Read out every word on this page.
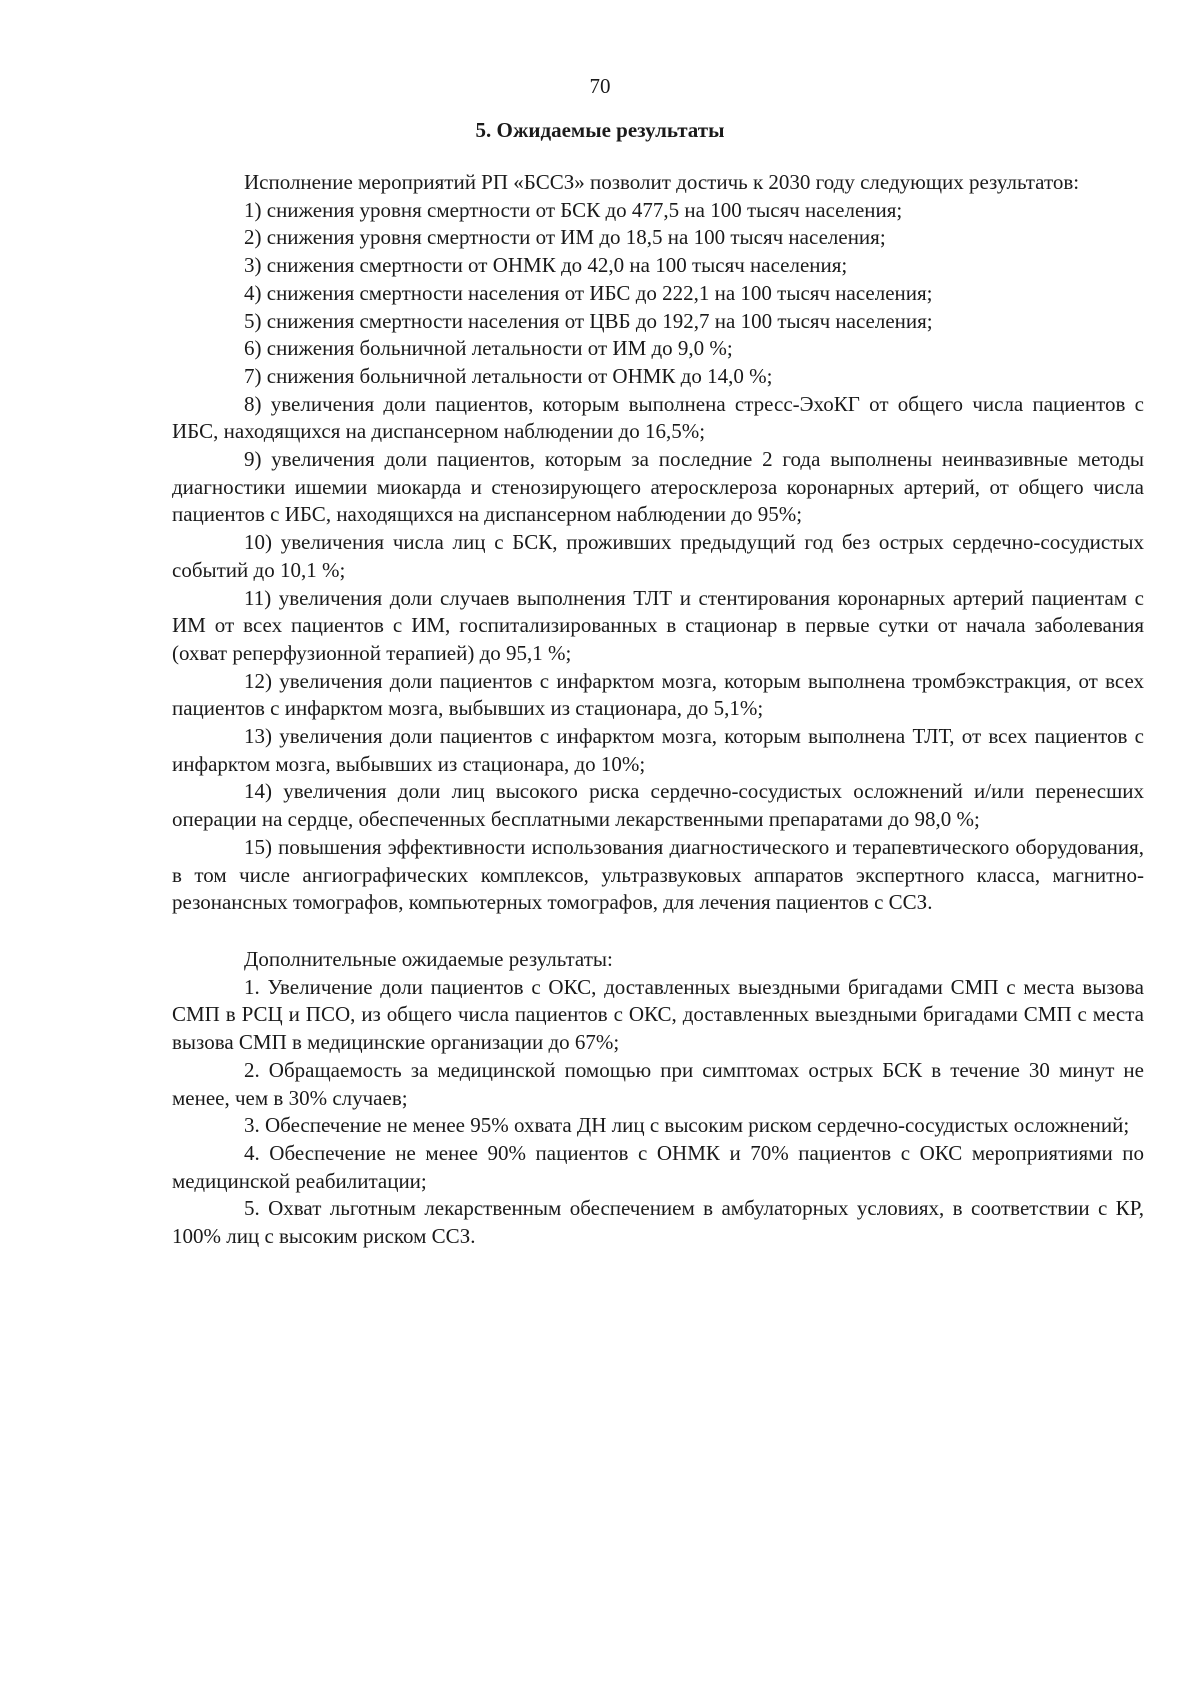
70
5. Ожидаемые результаты

Исполнение мероприятий РП «БССЗ» позволит достичь к 2030 году следующих результатов:

1) снижения уровня смертности от БСК до 477,5 на 100 тысяч населения;

2) снижения уровня смертности от ИМ до 18,5 на 100 тысяч населения;

3) снижения смертности от ОНМК до 42,0 на 100 тысяч населения;

4) снижения смертности населения от ИБС до 222,1 на 100 тысяч населения;

5) снижения смертности населения от ЦВБ до 192,7 на 100 тысяч населения;

6) снижения больничной летальности от ИМ до 9,0 %;

7) снижения больничной летальности от ОНМК до 14,0 %;

8) увеличения доли пациентов, которым выполнена стресс-ЭхоКГ от общего числа пациентов с ИБС, находящихся на диспансерном наблюдении до 16,5%;

9) увеличения доли пациентов, которым за последние 2 года выполнены неинвазивные методы диагностики ишемии миокарда и стенозирующего атеросклероза коронарных артерий, от общего числа пациентов с ИБС, находящихся на диспансерном наблюдении до 95%;

10) увеличения числа лиц с БСК, проживших предыдущий год без острых сердечно-сосудистых событий до 10,1 %;

11) увеличения доли случаев выполнения ТЛТ и стентирования коронарных артерий пациентам с ИМ от всех пациентов с ИМ, госпитализированных в стационар в первые сутки от начала заболевания (охват реперфузионной терапией) до 95,1 %;

12) увеличения доли пациентов с инфарктом мозга, которым выполнена тромбэкстракция, от всех пациентов с инфарктом мозга, выбывших из стационара, до 5,1%;

13) увеличения доли пациентов с инфарктом мозга, которым выполнена ТЛТ, от всех пациентов с инфарктом мозга, выбывших из стационара, до 10%;

14) увеличения доли лиц высокого риска сердечно-сосудистых осложнений и/или перенесших операции на сердце, обеспеченных бесплатными лекарственными препаратами до 98,0 %;

15) повышения эффективности использования диагностического и терапевтического оборудования, в том числе ангиографических комплексов, ультразвуковых аппаратов экспертного класса, магнитно-резонансных томографов, компьютерных томографов, для лечения пациентов с ССЗ.

Дополнительные ожидаемые результаты:

1. Увеличение доли пациентов с ОКС, доставленных выездными бригадами СМП с места вызова СМП в РСЦ и ПСО, из общего числа пациентов с ОКС, доставленных выездными бригадами СМП с места вызова СМП в медицинские организации до 67%;

2. Обращаемость за медицинской помощью при симптомах острых БСК в течение 30 минут не менее, чем в 30% случаев;

3. Обеспечение не менее 95% охвата ДН лиц с высоким риском сердечно-сосудистых осложнений;

4. Обеспечение не менее 90% пациентов с ОНМК и 70% пациентов с ОКС мероприятиями по медицинской реабилитации;

5. Охват льготным лекарственным обеспечением в амбулаторных условиях, в соответствии с КР, 100% лиц с высоким риском ССЗ.
